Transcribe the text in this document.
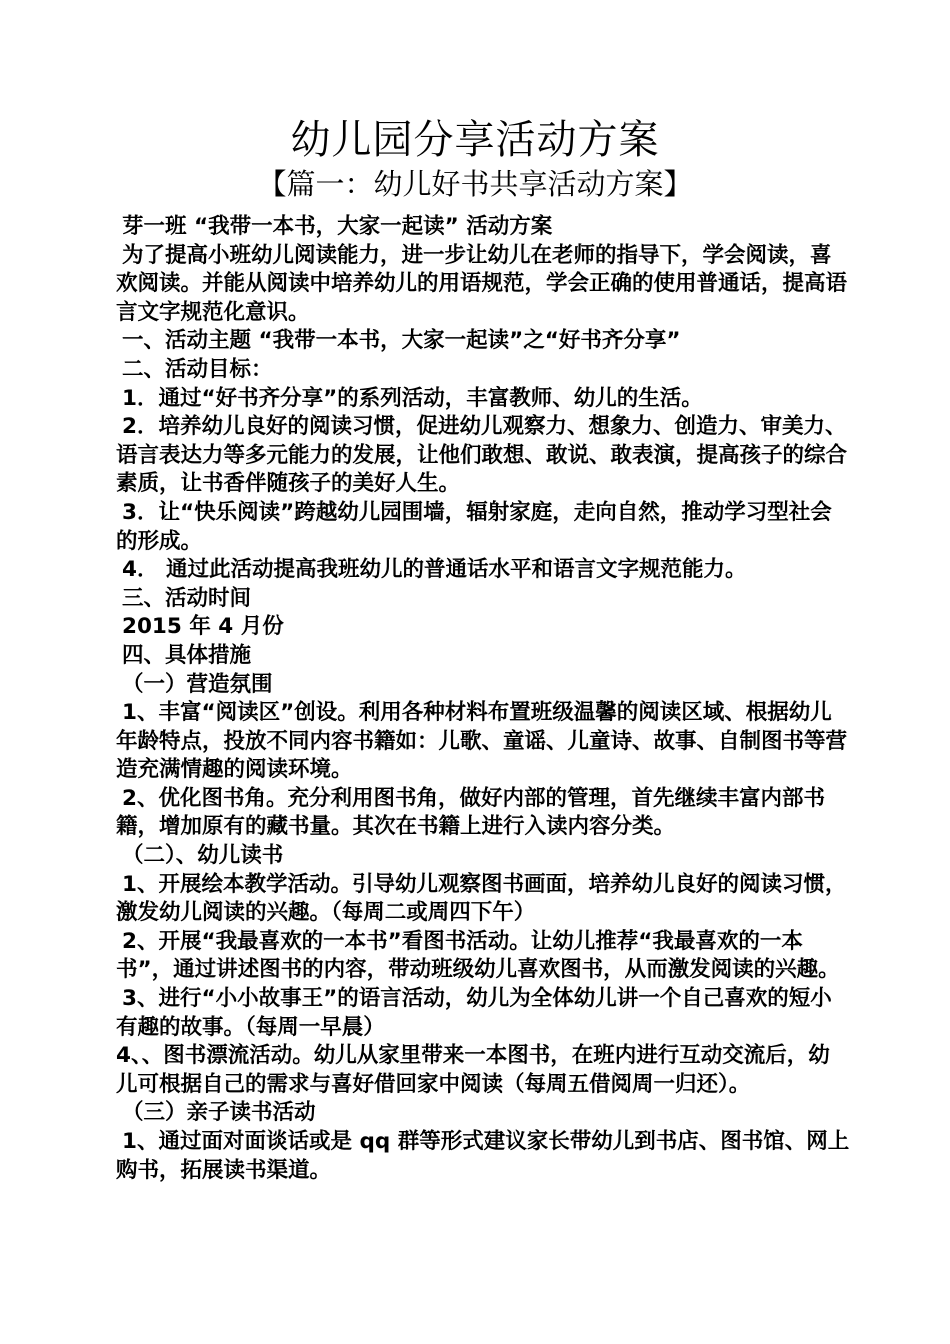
幼儿园分享活动方案
【篇一：幼儿好书共享活动方案】

芽一班 “我带一本书，大家一起读” 活动方案

为了提高小班幼儿阅读能力，进一步让幼儿在老师的指导下，学会阅读，喜欢阅读。并能从阅读中培养幼儿的用语规范，学会正确的使用普通话，提高语言文字规范化意识。

一、活动主题 “我带一本书，大家一起读”之“好书齐分享”

二、活动目标：

1．通过“好书齐分享”的系列活动，丰富教师、幼儿的生活。

2．培养幼儿良好的阅读习惯，促进幼儿观察力、想象力、创造力、审美力、语言表达力等多元能力的发展，让他们敢想、敢说、敢表演，提高孩子的综合素质，让书香伴随孩子的美好人生。

3．让“快乐阅读”跨越幼儿园围墙，辐射家庭，走向自然，推动学习型社会的形成。

4． 通过此活动提高我班幼儿的普通话水平和语言文字规范能力。

三、活动时间

2015 年 4 月份

四、具体措施

（一）营造氛围

1、丰富“阅读区”创设。利用各种材料布置班级温馨的阅读区域、根据幼儿年龄特点，投放不同内容书籍如：儿歌、童谣、儿童诗、故事、自制图书等营造充满情趣的阅读环境。

2、优化图书角。充分利用图书角，做好内部的管理，首先继续丰富内部书籍，增加原有的藏书量。其次在书籍上进行入读内容分类。

（二）、幼儿读书

1、开展绘本教学活动。引导幼儿观察图书画面，培养幼儿良好的阅读习惯，激发幼儿阅读的兴趣。（每周二或周四下午）

2、开展“我最喜欢的一本书”看图书活动。让幼儿推荐“我最喜欢的一本书”，通过讲述图书的内容，带动班级幼儿喜欢图书，从而激发阅读的兴趣。

3、进行“小小故事王”的语言活动，幼儿为全体幼儿讲一个自己喜欢的短小有趣的故事。（每周一早晨）

4、、图书漂流活动。幼儿从家里带来一本图书，在班内进行互动交流后，幼儿可根据自己的需求与喜好借回家中阅读（每周五借阅周一归还）。

（三）亲子读书活动

1、通过面对面谈话或是 qq 群等形式建议家长带幼儿到书店、图书馆、网上购书，拓展读书渠道。
